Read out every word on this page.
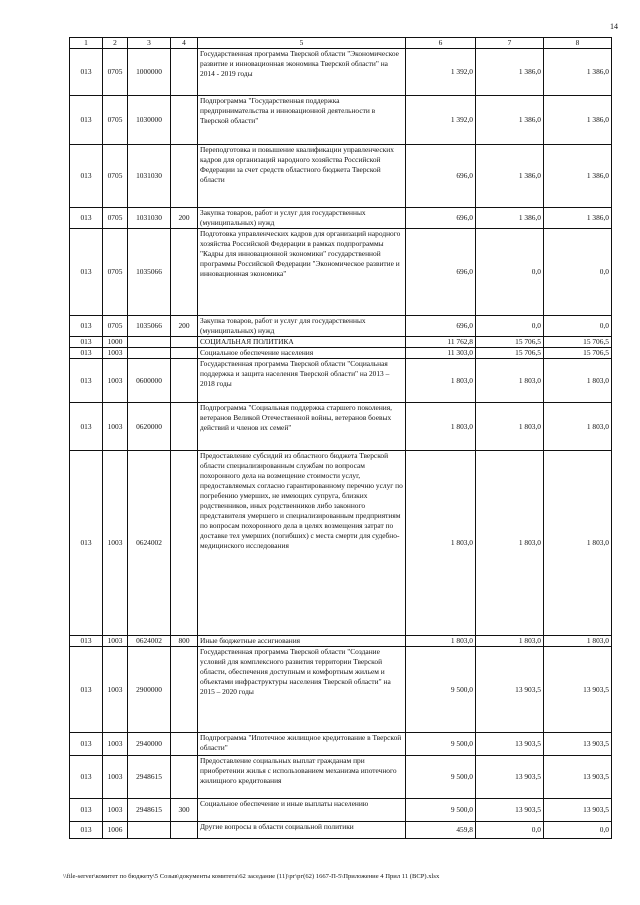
14
1	2	3	4	5	6	7	8
013	0705	1000000		Государственная программа Тверской области "Экономическое развитие и инновационная экономика Тверской области" на 2014 - 2019 годы	1 392,0	1 386,0	1 386,0
013	0705	1030000		Подпрограмма "Государственная поддержка предпринимательства и инновационной деятельности в Тверской области"	1 392,0	1 386,0	1 386,0
013	0705	1031030		Переподготовка и повышение квалификации управленческих кадров для организаций народного хозяйства Российской Федерации за счет средств областного бюджета Тверской области	696,0	1 386,0	1 386,0
013	0705	1031030	200	Закупка товаров, работ и услуг для государственных (муниципальных) нужд	696,0	1 386,0	1 386,0
013	0705	1035066		Подготовка управленческих кадров для организаций народного хозяйства Российской Федерации в рамках подпрограммы "Кадры для инновационной экономики" государственной программы Российской Федерации "Экономическое развитие и инновационная экономика"	696,0	0,0	0,0
013	0705	1035066	200	Закупка товаров, работ и услуг для государственных (муниципальных) нужд	696,0	0,0	0,0
013	1000			СОЦИАЛЬНАЯ ПОЛИТИКА	11 762,8	15 706,5	15 706,5
013	1003			Социальное обеспечение населения	11 303,0	15 706,5	15 706,5
013	1003	0600000		Государственная программа Тверской области "Социальная поддержка и защита населения Тверской области" на 2013 – 2018 годы	1 803,0	1 803,0	1 803,0
013	1003	0620000		Подпрограмма "Социальная поддержка старшего поколения, ветеранов Великой Отечественной войны, ветеранов боевых действий и членов их семей"	1 803,0	1 803,0	1 803,0
013	1003	0624002		Предоставление субсидий из областного бюджета Тверской области специализированным службам по вопросам похоронного дела на возмещение стоимости услуг, предоставляемых согласно гарантированному перечню услуг по погребению умерших, не имеющих супруга, близких родственников, иных родственников либо законного представителя умершего и специализированным предприятиям по вопросам похоронного дела в целях возмещения затрат по доставке тел умерших (погибших) с места смерти для судебно-медицинского исследования	1 803,0	1 803,0	1 803,0
013	1003	0624002	800	Иные бюджетные ассигнования	1 803,0	1 803,0	1 803,0
013	1003	2900000		Государственная программа Тверской области "Создание условий для комплексного развития территории Тверской области, обеспечения доступным и комфортным жильем и объектами инфраструктуры населения Тверской области" на 2015 – 2020 годы	9 500,0	13 903,5	13 903,5
013	1003	2940000		Подпрограмма "Ипотечное жилищное кредитование в Тверской области"	9 500,0	13 903,5	13 903,5
013	1003	2948615		Предоставление социальных выплат гражданам при приобретении жилья с использованием механизма ипотечного жилищного кредитования	9 500,0	13 903,5	13 903,5
013	1003	2948615	300	Социальное обеспечение и иные выплаты населению	9 500,0	13 903,5	13 903,5
013	1006			Другие вопросы в области социальной политики	459,8	0,0	0,0
\\file-server\комитет по бюджету\5 Созыв\документы комитета\62 заседание (11)\рг\рг(62) 1667-П-5\Приложение 4 Прил 11 (ВСР).xlsx
